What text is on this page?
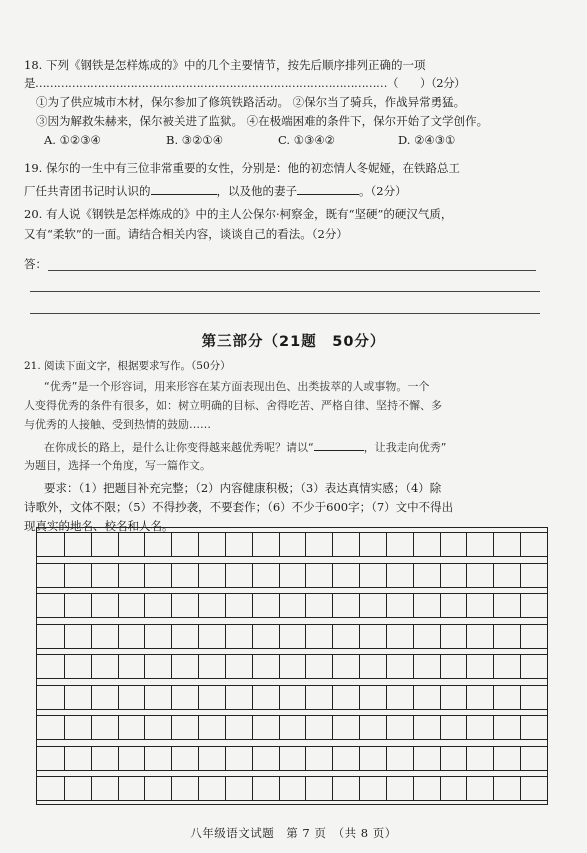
18. 下列《钢铁是怎样炼成的》中的几个主要情节，按先后顺序排列正确的一项
是……………………………………………………………………………………（　　）（2分）
①为了供应城市木材，保尔参加了修筑铁路活动。 ②保尔当了骑兵，作战异常勇猛。
③因为解救朱赫来，保尔被关进了监狱。 ④在极端困难的条件下，保尔开始了文学创作。
A. ①②③④	B. ③②①④	C. ①③④②	D. ②④③①
19. 保尔的一生中有三位非常重要的女性，分别是：他的初恋情人冬妮娅，在铁路总工
厂任共青团书记时认识的	，以及他的妻子	。（2分）
20. 有人说《钢铁是怎样炼成的》中的主人公保尔·柯察金，既有“坚硬”的硬汉气质，
又有“柔软”的一面。请结合相关内容，谈谈自己的看法。（2分）
答：
第三部分（21题　50分）
21. 阅读下面文字，根据要求写作。（50分）
“优秀”是一个形容词，用来形容在某方面表现出色、出类拔萃的人或事物。一个
人变得优秀的条件有很多，如：树立明确的目标、舍得吃苦、严格自律、坚持不懈、多
与优秀的人接触、受到热情的鼓励……
在你成长的路上，是什么让你变得越来越优秀呢？请以“	，让我走向优秀”
为题目，选择一个角度，写一篇作文。
要求：（1）把题目补充完整；（2）内容健康积极；（3）表达真情实感；（4）除
诗歌外，文体不限；（5）不得抄袭，不要套作；（6）不少于600字；（7）文中不得出
现真实的地名、校名和人名。
八年级语文试题　第 7 页　（共 8 页）
